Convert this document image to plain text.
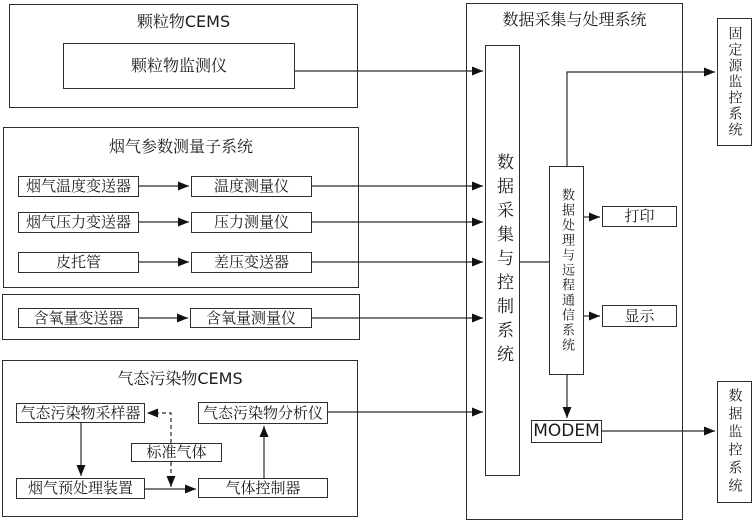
颗粒物CEMS
颗粒物监测仪
烟气参数测量子系统
烟气温度变送器	温度测量仪
烟气压力变送器	压力测量仪
皮托管	差压变送器
含氧量变送器	含氧量测量仪
气态污染物CEMS
气态污染物采样器	气态污染物分析仪
标准气体
烟气预处理装置	气体控制器
数据采集与处理系统
数据采集与控制系统	数据处理与远程通信系统	打印
显示
MODEM
固定源监控系统
数据监控系统
